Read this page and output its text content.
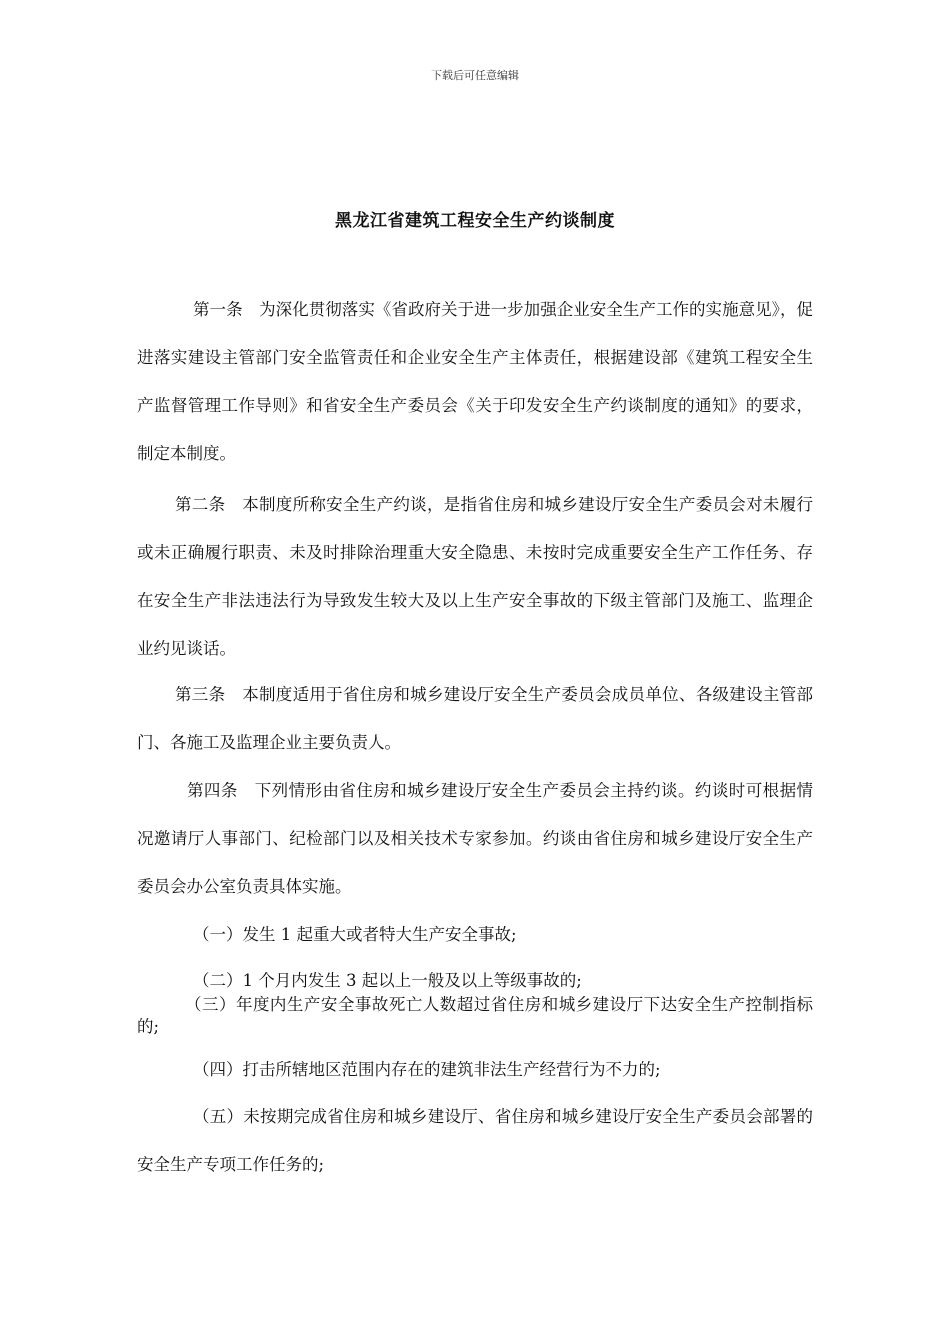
下载后可任意编辑
黑龙江省建筑工程安全生产约谈制度

第一条　为深化贯彻落实《省政府关于进一步加强企业安全生产工作的实施意见》，促进落实建设主管部门安全监管责任和企业安全生产主体责任，根据建设部《建筑工程安全生产监督管理工作导则》和省安全生产委员会《关于印发安全生产约谈制度的通知》的要求，制定本制度。

第二条　本制度所称安全生产约谈，是指省住房和城乡建设厅安全生产委员会对未履行或未正确履行职责、未及时排除治理重大安全隐患、未按时完成重要安全生产工作任务、存在安全生产非法违法行为导致发生较大及以上生产安全事故的下级主管部门及施工、监理企业约见谈话。

第三条　本制度适用于省住房和城乡建设厅安全生产委员会成员单位、各级建设主管部门、各施工及监理企业主要负责人。

第四条　下列情形由省住房和城乡建设厅安全生产委员会主持约谈。约谈时可根据情况邀请厅人事部门、纪检部门以及相关技术专家参加。约谈由省住房和城乡建设厅安全生产委员会办公室负责具体实施。

（一）发生 1 起重大或者特大生产安全事故;

（二）1 个月内发生 3 起以上一般及以上等级事故的;

（三）年度内生产安全事故死亡人数超过省住房和城乡建设厅下达安全生产控制指标的;

（四）打击所辖地区范围内存在的建筑非法生产经营行为不力的;

（五）未按期完成省住房和城乡建设厅、省住房和城乡建设厅安全生产委员会部署的安全生产专项工作任务的;
